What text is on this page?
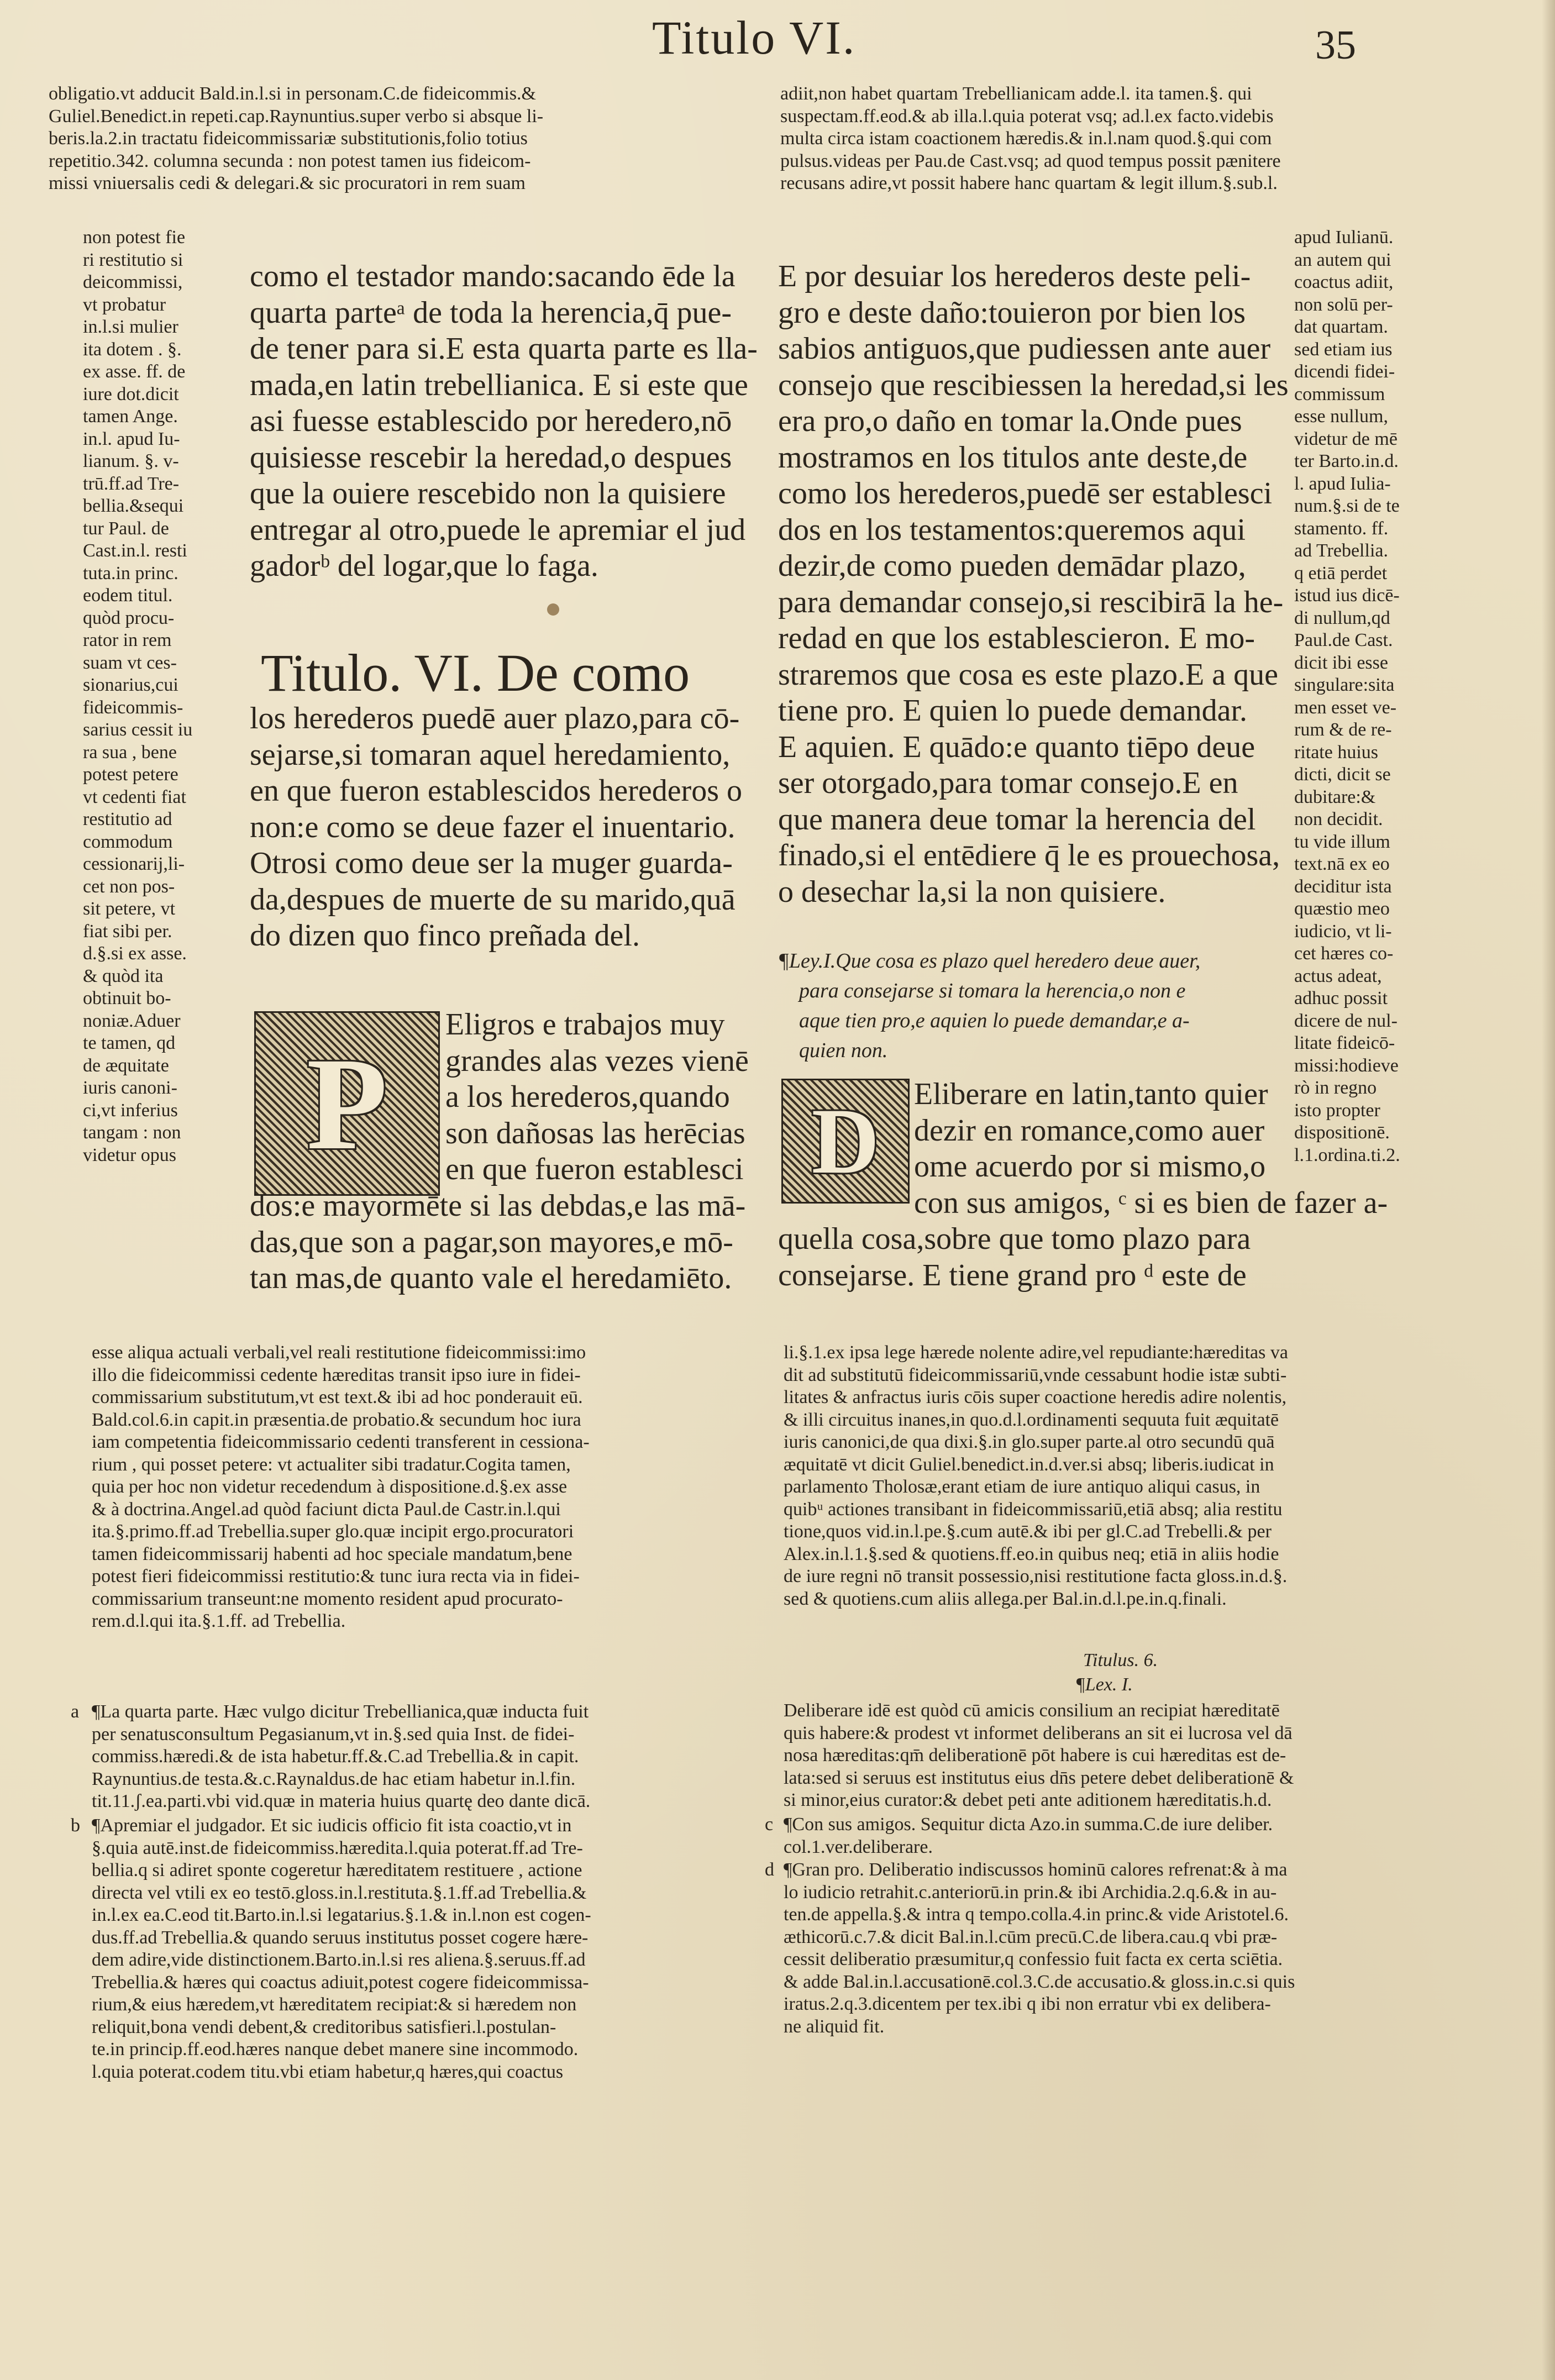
Titulo VI.	35
obligatio.vt adducit Bald.in.l.si in personam.C.de fideicommis.&
Guliel.Benedict.in repeti.cap.Raynuntius.super verbo si absque li-
beris.la.2.in tractatu fideicommissariæ substitutionis,folio totius
repetitio.342. columna secunda : non potest tamen ius fideicom-
missi vniuersalis cedi & delegari.& sic procuratori in rem suam
adiit,non habet quartam Trebellianicam adde.l. ita tamen.§. qui
suspectam.ff.eod.& ab illa.l.quia poterat vsq; ad.l.ex facto.videbis
multa circa istam coactionem hæredis.& in.l.nam quod.§.qui com
pulsus.videas per Pau.de Cast.vsq; ad quod tempus possit pænitere
recusans adire,vt possit habere hanc quartam & legit illum.§.sub.l.
non potest fie
ri restitutio si
deicommissi,
vt probatur
in.l.si mulier
ita dotem . §.
ex asse. ff. de
iure dot.dicit
tamen Ange.
in.l. apud Iu-
lianum. §. v-
trū.ff.ad Tre-
bellia.&sequi
tur Paul. de
Cast.in.l. resti
tuta.in princ.
eodem titul.
quòd procu-
rator in rem
suam vt ces-
sionarius,cui
fideicommis-
sarius cessit iu
ra sua , bene
potest petere
vt cedenti fiat
restitutio ad
commodum
cessionarij,li-
cet non pos-
sit petere, vt
fiat sibi per.
d.§.si ex asse.
& quòd ita
obtinuit bo-
noniæ.Aduer
te tamen, qd
de æquitate
iuris canoni-
ci,vt inferius
tangam : non
videtur opus
como el testador mando:sacando ēde la
quarta parteᵃ de toda la herencia,q̄ pue-
de tener para si.E esta quarta parte es lla-
mada,en latin trebellianica. E si este que
asi fuesse establescido por heredero,nō
quisiesse rescebir la heredad,o despues
que la ouiere rescebido non la quisiere
entregar al otro,puede le apremiar el jud
gadorᵇ del logar,que lo faga.
Titulo. VI. De como
los herederos puedē auer plazo,para cō-
sejarse,si tomaran aquel heredamiento,
en que fueron establescidos herederos o
non:e como se deue fazer el inuentario.
Otrosi como deue ser la muger guarda-
da,despues de muerte de su marido,quā
do dizen quo finco preñada del.
P
Eligros e trabajos muy
grandes alas vezes vienē
a los herederos,quando
son dañosas las herēcias
en que fueron establesci
dos:e mayormēte si las debdas,e las mā-
das,que son a pagar,son mayores,e mō-
tan mas,de quanto vale el heredamiēto.
apud Iulianū.
an autem qui
coactus adiit,
non solū per-
dat quartam.
sed etiam ius
dicendi fidei-
commissum
esse nullum,
videtur de mē
ter Barto.in.d.
l. apud Iulia-
num.§.si de te
stamento. ff.
ad Trebellia.
q etiā perdet
istud ius dicē-
di nullum,qd
Paul.de Cast.
dicit ibi esse
singulare:sita
men esset ve-
rum & de re-
ritate huius
dicti, dicit se
dubitare:&
non decidit.
tu vide illum
text.nā ex eo
deciditur ista
quæstio meo
iudicio, vt li-
cet hæres co-
actus adeat,
adhuc possit
dicere de nul-
litate fideicō-
missi:hodieve
rò in regno
isto propter
dispositionē.
l.1.ordina.ti.2.
E por desuiar los herederos deste peli-
gro e deste daño:touieron por bien los
sabios antiguos,que pudiessen ante auer
consejo que rescibiessen la heredad,si les
era pro,o daño en tomar la.Onde pues
mostramos en los titulos ante deste,de
como los herederos,puedē ser establesci
dos en los testamentos:queremos aqui
dezir,de como pueden demādar plazo,
para demandar consejo,si rescibirā la he-
redad en que los establescieron. E mo-
straremos que cosa es este plazo.E a que
tiene pro. E quien lo puede demandar.
E aquien. E quādo:e quanto tiēpo deue
ser otorgado,para tomar consejo.E en
que manera deue tomar la herencia del
finado,si el entēdiere q̄ le es prouechosa,
o desechar la,si la non quisiere.
¶Ley.I.Que cosa es plazo quel heredero deue auer,
para consejarse si tomara la herencia,o non e
aque tien pro,e aquien lo puede demandar,e a-
quien non.
D Eliberare en latin,tanto quier
dezir en romance,como auer
ome acuerdo por si mismo,o
con sus amigos, ᶜ si es bien de fazer a-
quella cosa,sobre que tomo plazo para
consejarse. E tiene grand pro ᵈ este de
esse aliqua actuali verbali,vel reali restitutione fideicommissi:imo
illo die fideicommissi cedente hæreditas transit ipso iure in fidei-
commissarium substitutum,vt est text.& ibi ad hoc ponderauit eū.
Bald.col.6.in capit.in præsentia.de probatio.& secundum hoc iura
iam competentia fideicommissario cedenti transferent in cessiona-
rium , qui posset petere: vt actualiter sibi tradatur.Cogita tamen,
quia per hoc non videtur recedendum à dispositione.d.§.ex asse
& à doctrina.Angel.ad quòd faciunt dicta Paul.de Castr.in.l.qui
ita.§.primo.ff.ad Trebellia.super glo.quæ incipit ergo.procuratori
tamen fideicommissarij habenti ad hoc speciale mandatum,bene
potest fieri fideicommissi restitutio:& tunc iura recta via in fidei-
commissarium transeunt:ne momento resident apud procurato-
rem.d.l.qui ita.§.1.ff. ad Trebellia.
a ¶La quarta parte. Hæc vulgo dicitur Trebellianica,quæ inducta fuit
per senatusconsultum Pegasianum,vt in.§.sed quia Inst. de fidei-
commiss.hæredi.& de ista habetur.ff.&.C.ad Trebellia.& in capit.
Raynuntius.de testa.&.c.Raynaldus.de hac etiam habetur in.l.fin.
tit.11.ʃ.ea.parti.vbi vid.quæ in materia huius quartę deo dante dicā.
b ¶Apremiar el judgador. Et sic iudicis officio fit ista coactio,vt in
§.quia autē.inst.de fideicommiss.hæredita.l.quia poterat.ff.ad Tre-
bellia.q si adiret sponte cogeretur hæreditatem restituere , actione
directa vel vtili ex eo testō.gloss.in.l.restituta.§.1.ff.ad Trebellia.&
in.l.ex ea.C.eod tit.Barto.in.l.si legatarius.§.1.& in.l.non est cogen-
dus.ff.ad Trebellia.& quando seruus institutus posset cogere hære-
dem adire,vide distinctionem.Barto.in.l.si res aliena.§.seruus.ff.ad
Trebellia.& hæres qui coactus adiuit,potest cogere fideicommissa-
rium,& eius hæredem,vt hæreditatem recipiat:& si hæredem non
reliquit,bona vendi debent,& creditoribus satisfieri.l.postulan-
te.in princip.ff.eod.hæres nanque debet manere sine incommodo.
l.quia poterat.codem titu.vbi etiam habetur,q hæres,qui coactus
li.§.1.ex ipsa lege hærede nolente adire,vel repudiante:hæreditas va
dit ad substitutū fideicommissariū,vnde cessabunt hodie istæ subti-
litates & anfractus iuris cōis super coactione heredis adire nolentis,
& illi circuitus inanes,in quo.d.l.ordinamenti sequuta fuit æquitatē
iuris canonici,de qua dixi.§.in glo.super parte.al otro secundū quā
æquitatē vt dicit Guliel.benedict.in.d.ver.si absq; liberis.iudicat in
parlamento Tholosæ,erant etiam de iure antiquo aliqui casus, in
quibᵘ actiones transibant in fideicommissariū,etiā absq; alia restitu
tione,quos vid.in.l.pe.§.cum autē.& ibi per gl.C.ad Trebelli.& per
Alex.in.l.1.§.sed & quotiens.ff.eo.in quibus neq; etiā in aliis hodie
de iure regni nō transit possessio,nisi restitutione facta gloss.in.d.§.
sed & quotiens.cum aliis allega.per Bal.in.d.l.pe.in.q.finali.
Titulus. 6.
¶Lex. I.
Deliberare idē est quòd cū amicis consilium an recipiat hæreditatē
quis habere:& prodest vt informet deliberans an sit ei lucrosa vel dā
nosa hæreditas:qm̄ deliberationē pōt habere is cui hæreditas est de-
lata:sed si seruus est institutus eius dn̄s petere debet deliberationē &
si minor,eius curator:& debet peti ante aditionem hæreditatis.h.d.
c ¶Con sus amigos. Sequitur dicta Azo.in summa.C.de iure deliber.
col.1.ver.deliberare.
d ¶Gran pro. Deliberatio indiscussos hominū calores refrenat:& à ma
lo iudicio retrahit.c.anteriorū.in prin.& ibi Archidia.2.q.6.& in au-
ten.de appella.§.& intra q tempo.colla.4.in princ.& vide Aristotel.6.
æthicorū.c.7.& dicit Bal.in.l.cūm precū.C.de libera.cau.q vbi præ-
cessit deliberatio præsumitur,q confessio fuit facta ex certa sciētia.
& adde Bal.in.l.accusationē.col.3.C.de accusatio.& gloss.in.c.si quis
iratus.2.q.3.dicentem per tex.ibi q ibi non erratur vbi ex delibera-
ne aliquid fit.
